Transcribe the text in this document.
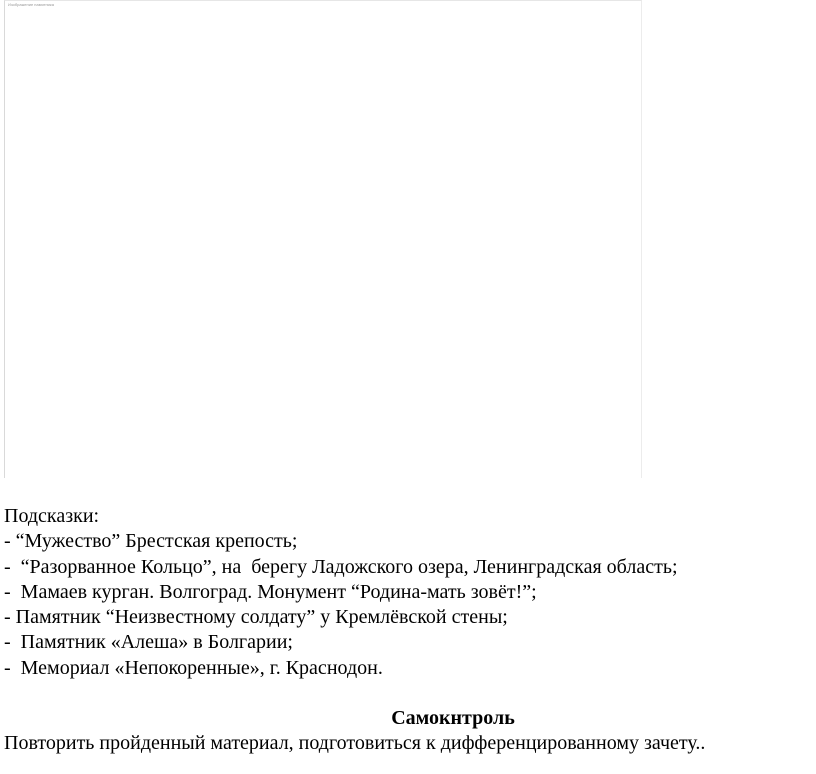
Изображение памятника

Подсказки:

- “Мужество” Брестская крепость;

-  “Разорванное Кольцо”, на  берегу Ладожского озера, Ленинградская область;

-  Мамаев курган. Волгоград. Монумент “Родина-мать зовёт!”;

- Памятник “Неизвестному солдату” у Кремлёвской стены;

-  Памятник «Алеша» в Болгарии;

-  Мемориал «Непокоренные», г. Краснодон.

Самокнтроль

Повторить пройденный материал, подготовиться к дифференцированному зачету..
